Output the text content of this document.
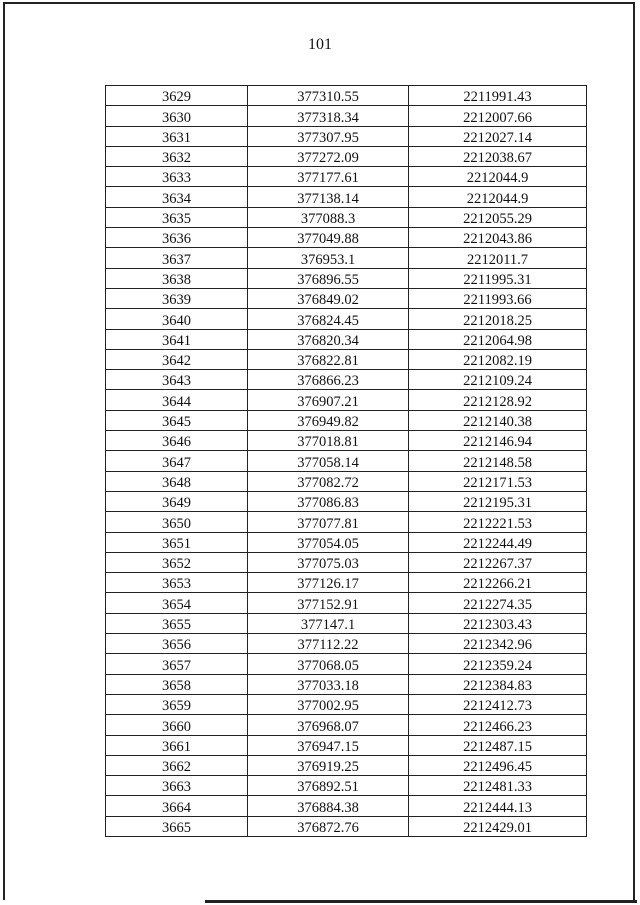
101
3629	377310.55	2211991.43
3630	377318.34	2212007.66
3631	377307.95	2212027.14
3632	377272.09	2212038.67
3633	377177.61	2212044.9
3634	377138.14	2212044.9
3635	377088.3	2212055.29
3636	377049.88	2212043.86
3637	376953.1	2212011.7
3638	376896.55	2211995.31
3639	376849.02	2211993.66
3640	376824.45	2212018.25
3641	376820.34	2212064.98
3642	376822.81	2212082.19
3643	376866.23	2212109.24
3644	376907.21	2212128.92
3645	376949.82	2212140.38
3646	377018.81	2212146.94
3647	377058.14	2212148.58
3648	377082.72	2212171.53
3649	377086.83	2212195.31
3650	377077.81	2212221.53
3651	377054.05	2212244.49
3652	377075.03	2212267.37
3653	377126.17	2212266.21
3654	377152.91	2212274.35
3655	377147.1	2212303.43
3656	377112.22	2212342.96
3657	377068.05	2212359.24
3658	377033.18	2212384.83
3659	377002.95	2212412.73
3660	376968.07	2212466.23
3661	376947.15	2212487.15
3662	376919.25	2212496.45
3663	376892.51	2212481.33
3664	376884.38	2212444.13
3665	376872.76	2212429.01
